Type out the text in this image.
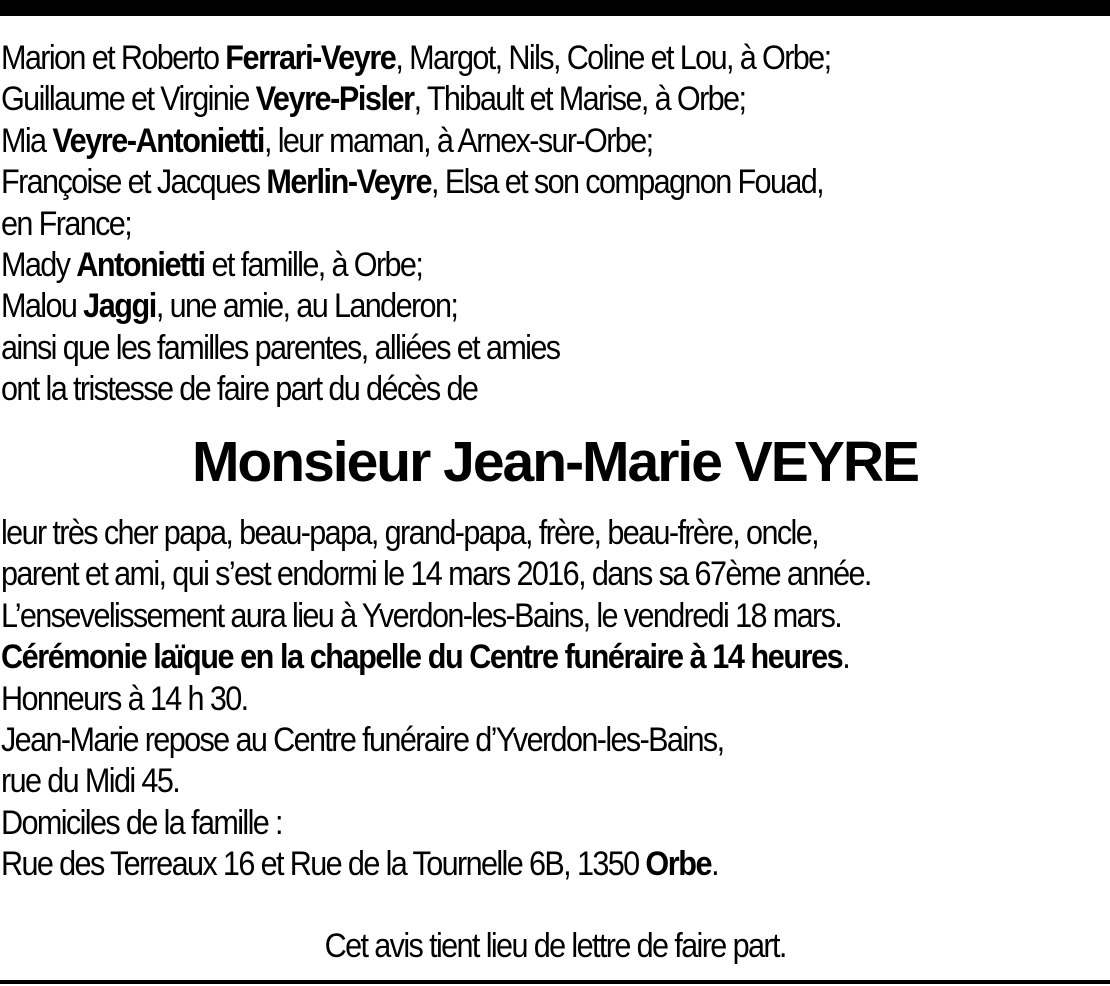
Marion et Roberto Ferrari-Veyre, Margot, Nils, Coline et Lou, à Orbe;
Guillaume et Virginie Veyre-Pisler, Thibault et Marise, à Orbe;
Mia Veyre-Antonietti, leur maman, à Arnex-sur-Orbe;
Françoise et Jacques Merlin-Veyre, Elsa et son compagnon Fouad,
en France;
Mady Antonietti et famille, à Orbe;
Malou Jaggi, une amie, au Landeron;
ainsi que les familles parentes, alliées et amies
ont la tristesse de faire part du décès de
Monsieur Jean-Marie VEYRE
leur très cher papa, beau-papa, grand-papa, frère, beau-frère, oncle,
parent et ami, qui s’est endormi le 14 mars 2016, dans sa 67ème année.
L’ensevelissement aura lieu à Yverdon-les-Bains, le vendredi 18 mars.
Cérémonie laïque en la chapelle du Centre funéraire à 14 heures.
Honneurs à 14 h 30.
Jean-Marie repose au Centre funéraire d’Yverdon-les-Bains,
rue du Midi 45.
Domiciles de la famille :
Rue des Terreaux 16 et Rue de la Tournelle 6B, 1350 Orbe.
Cet avis tient lieu de lettre de faire part.
